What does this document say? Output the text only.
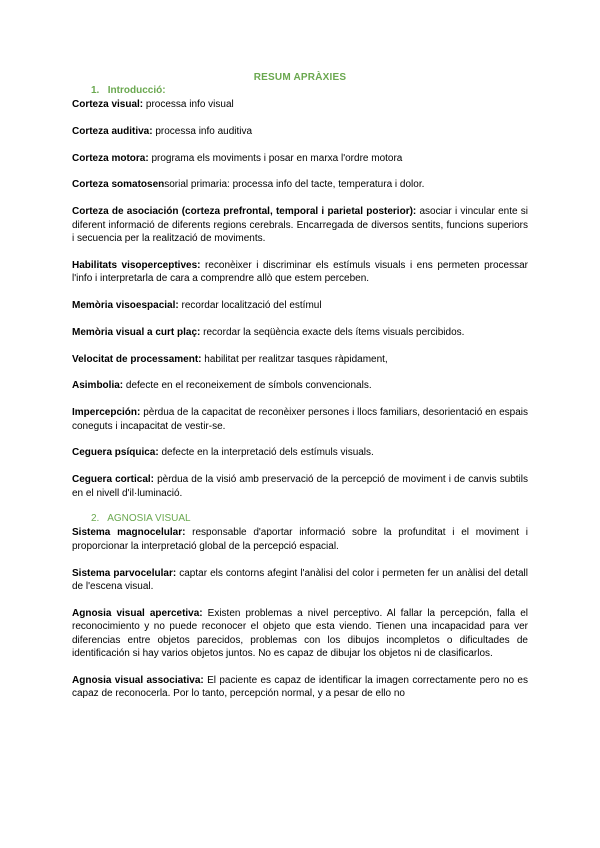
RESUM APRÀXIES
1. Introducció:

Corteza visual: processa info visual

Corteza auditiva: processa info auditiva

Corteza motora: programa els moviments i posar en marxa l'ordre motora

Corteza somatosensorial primaria: processa info del tacte, temperatura i dolor.

Corteza de asociación (corteza prefrontal, temporal i parietal posterior): asociar i vincular ente si diferent informació de diferents regions cerebrals. Encarregada de diversos sentits, funcions superiors i secuencia per la realització de moviments.

Habilitats visoperceptives: reconèixer i discriminar els estímuls visuals i ens permeten processar l'info i interpretarla de cara a comprendre allò que estem perceben.

Memòria visoespacial: recordar localització del estímul

Memòria visual a curt plaç: recordar la seqüència exacte dels ítems visuals percibidos.

Velocitat de processament: habilitat per realitzar tasques ràpidament,

Asimbolia: defecte en el reconeixement de símbols convencionals.

Impercepción: pèrdua de la capacitat de reconèixer persones i llocs familiars, desorientació en espais coneguts i incapacitat de vestir-se.

Ceguera psíquica: defecte en la interpretació dels estímuls visuals.

Ceguera cortical: pèrdua de la visió amb preservació de la percepció de moviment i de canvis subtils en el nivell d'il·luminació.

2. AGNOSIA VISUAL

Sistema magnocelular: responsable d'aportar informació sobre la profunditat i el moviment i proporcionar la interpretació global de la percepció espacial.

Sistema parvocelular: captar els contorns afegint l'anàlisi del color i permeten fer un anàlisi del detall de l'escena visual.

Agnosia visual apercetiva: Existen problemas a nivel perceptivo. Al fallar la percepción, falla el reconocimiento y no puede reconocer el objeto que esta viendo. Tienen una incapacidad para ver diferencias entre objetos parecidos, problemas con los dibujos incompletos o dificultades de identificación si hay varios objetos juntos. No es capaz de dibujar los objetos ni de clasificarlos.

Agnosia visual associativa: El paciente es capaz de identificar la imagen correctamente pero no es capaz de reconocerla. Por lo tanto, percepción normal, y a pesar de ello no
